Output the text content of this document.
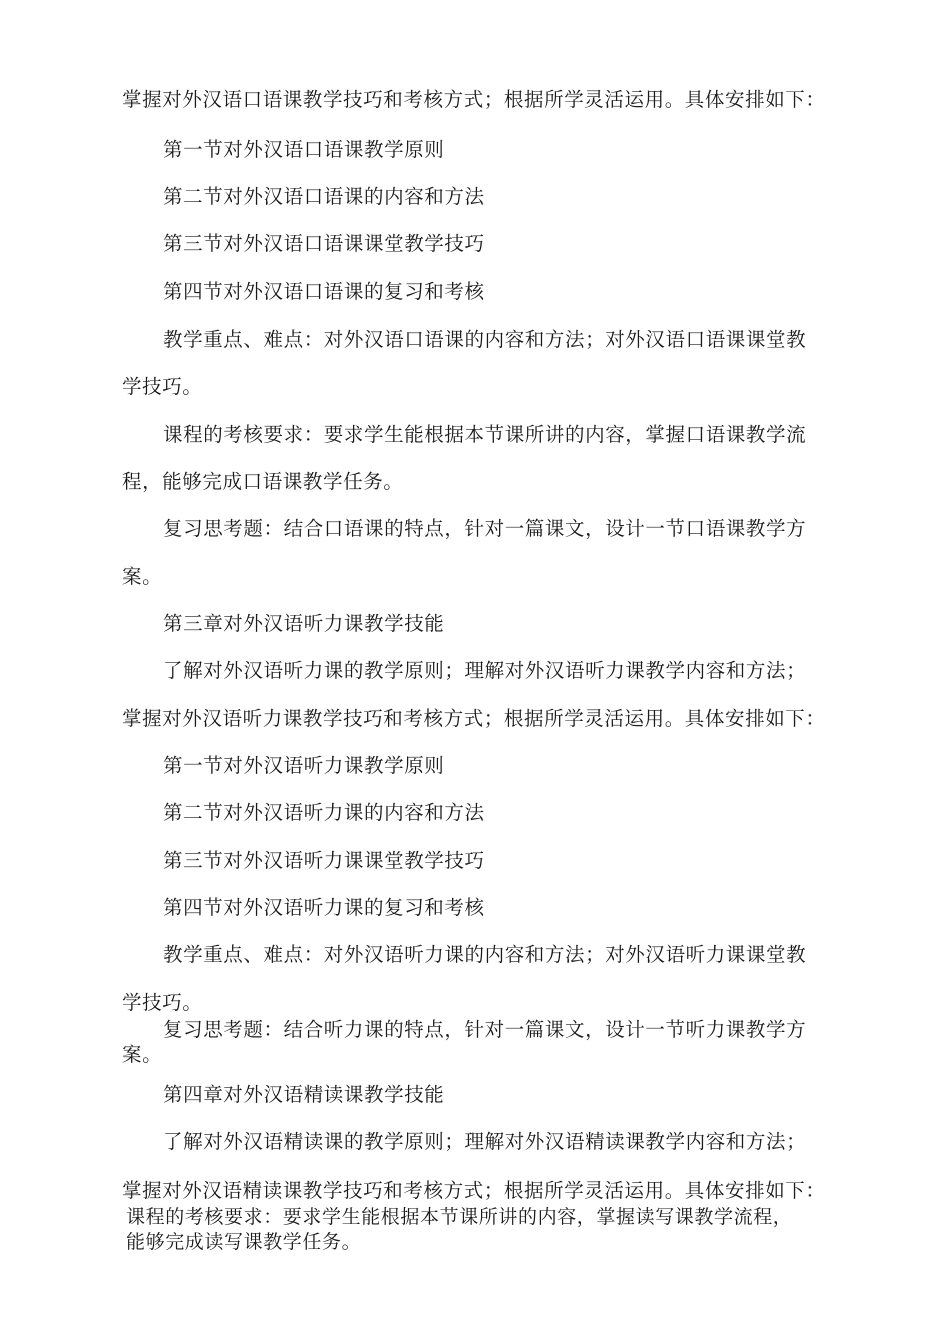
掌握对外汉语口语课教学技巧和考核方式；根据所学灵活运用。具体安排如下：

第一节对外汉语口语课教学原则

第二节对外汉语口语课的内容和方法

第三节对外汉语口语课课堂教学技巧

第四节对外汉语口语课的复习和考核

教学重点、难点：对外汉语口语课的内容和方法；对外汉语口语课课堂教

学技巧。

课程的考核要求：要求学生能根据本节课所讲的内容，掌握口语课教学流

程，能够完成口语课教学任务。

复习思考题：结合口语课的特点，针对一篇课文，设计一节口语课教学方

案。

第三章对外汉语听力课教学技能

了解对外汉语听力课的教学原则；理解对外汉语听力课教学内容和方法；

掌握对外汉语听力课教学技巧和考核方式；根据所学灵活运用。具体安排如下：

第一节对外汉语听力课教学原则

第二节对外汉语听力课的内容和方法

第三节对外汉语听力课课堂教学技巧

第四节对外汉语听力课的复习和考核

教学重点、难点：对外汉语听力课的内容和方法；对外汉语听力课课堂教

学技巧。

复习思考题：结合听力课的特点，针对一篇课文，设计一节听力课教学方

案。

第四章对外汉语精读课教学技能

了解对外汉语精读课的教学原则；理解对外汉语精读课教学内容和方法；

掌握对外汉语精读课教学技巧和考核方式；根据所学灵活运用。具体安排如下：

课程的考核要求：要求学生能根据本节课所讲的内容，掌握读写课教学流程，

能够完成读写课教学任务。
